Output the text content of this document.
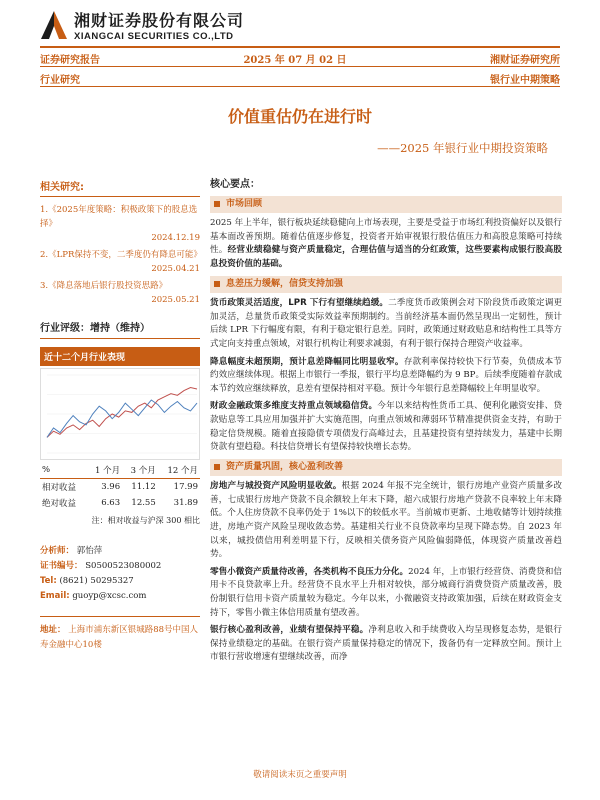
湘财证券股份有限公司
XIANGCAI SECURITIES CO.,LTD
证券研究报告	2025 年 07 月 02 日	湘财证券研究所
行业研究	银行业中期策略
价值重估仍在进行时
——2025 年银行业中期投资策略
相关研究:
1.《2025年度策略：积极政策下的股息选择》
2024.12.19
2.《LPR保持不变，二季度仍有降息可能》
2025.04.21
3.《降息落地后银行股投资思路》
2025.05.21
行业评级：增持（维持）
近十二个月行业表现
%	1 个月	3 个月	12 个月
相对收益	3.96	11.12	17.99
绝对收益	6.63	12.55	31.89
注：相对收益与沪深 300 相比
分析师： 郭怡萍
证书编号： S0500523080002
Tel: (8621) 50295327
Email: guoyp@xcsc.com
地址： 上海市浦东新区银城路88号中国人寿金融中心10楼
核心要点：
市场回顾
2025 年上半年，银行板块延续稳健向上市场表现，主要是受益于市场红利投资偏好以及银行基本面改善预期。随着估值逐步修复，投资者开始审视银行股估值压力和高股息策略可持续性。经营业绩稳健与资产质量稳定，合理估值与适当的分红政策，这些要素构成银行股高股息投资价值的基础。
息差压力缓解，信贷支持加强
货币政策灵活适度，LPR 下行有望继续趋缓。二季度货币政策例会对下阶段货币政策定调更加灵活，总量货币政策受实际效益率预期制约。当前经济基本面仍然呈现出一定韧性，预计后续 LPR 下行幅度有限，有利于稳定银行息差。同时，政策通过财政贴息和结构性工具等方式定向支持重点领域，对银行机构让利要求减弱，有利于银行保持合理资产收益率。
降息幅度未超预期，预计息差降幅同比明显收窄。存款利率保持较快下行节奏，负债成本节约效应继续体现。根据上市银行一季报，银行平均息差降幅约为 9 BP。后续季度随着存款成本节约效应继续释放，息差有望保持相对平稳。预计今年银行息差降幅较上年明显收窄。
财政金融政策多维度支持重点领域稳信贷。今年以来结构性货币工具、便利化融资安排、贷款贴息等工具应用加强并扩大实施范围，向重点领域和薄弱环节精准提供资金支持，有助于稳定信贷规模。随着直接隐债专项债发行高峰过去，且基建投资有望持续发力，基建中长期贷款有望趋稳。科技信贷增长有望保持较快增长态势。
资产质量巩固，核心盈利改善
房地产与城投资产风险明显收敛。根据 2024 年报不完全统计，银行房地产业资产质量多改善，七成银行房地产贷款不良余额较上年末下降，超六成银行房地产贷款不良率较上年末降低。个人住房贷款不良率仍处于 1%以下的较低水平。当前城市更新、土地收储等计划持续推进，房地产资产风险呈现收敛态势。基建相关行业不良贷款率均呈现下降态势。自 2023 年以来，城投债信用利差明显下行，反映相关债务资产风险偏弱降低，体现资产质量改善趋势。
零售小微资产质量待改善，各类机构不良压力分化。2024 年，上市银行经营贷、消费贷和信用卡不良贷款率上升。经营贷不良水平上升相对较快，部分城商行消费贷资产质量改善，股份制银行信用卡资产质量较为稳定。今年以来，小微融资支持政策加强，后续在财政资金支持下，零售小微主体信用质量有望改善。
银行核心盈利改善，业绩有望保持平稳。净利息收入和手续费收入均呈现修复态势，是银行保持业绩稳定的基础。在银行资产质量保持稳定的情况下，拨备仍有一定释放空间。预计上市银行营收增速有望继续改善，而净
敬请阅读末页之重要声明
